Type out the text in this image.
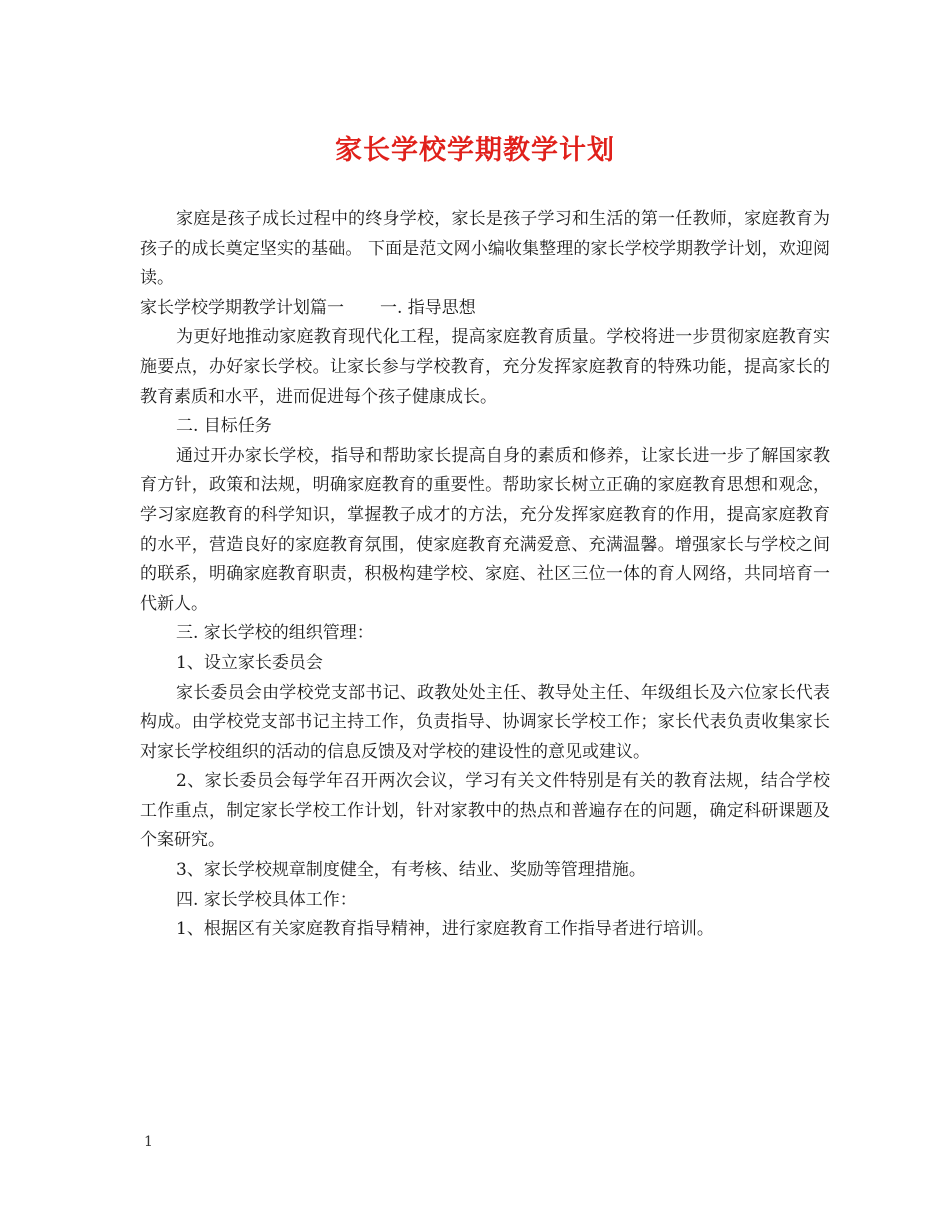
家长学校学期教学计划

家庭是孩子成长过程中的终身学校，家长是孩子学习和生活的第一任教师，家庭教育为孩子的成长奠定坚实的基础。 下面是范文网小编收集整理的家长学校学期教学计划，欢迎阅读。

家长学校学期教学计划篇一 一. 指导思想

为更好地推动家庭教育现代化工程，提高家庭教育质量。学校将进一步贯彻家庭教育实施要点，办好家长学校。让家长参与学校教育，充分发挥家庭教育的特殊功能，提高家长的教育素质和水平，进而促进每个孩子健康成长。

二. 目标任务

通过开办家长学校，指导和帮助家长提高自身的素质和修养，让家长进一步了解国家教育方针，政策和法规，明确家庭教育的重要性。帮助家长树立正确的家庭教育思想和观念，学习家庭教育的科学知识，掌握教子成才的方法，充分发挥家庭教育的作用，提高家庭教育的水平，营造良好的家庭教育氛围，使家庭教育充满爱意、充满温馨。增强家长与学校之间的联系，明确家庭教育职责，积极构建学校、家庭、社区三位一体的育人网络，共同培育一代新人。

三. 家长学校的组织管理：

1、设立家长委员会

家长委员会由学校党支部书记、政教处处主任、教导处主任、年级组长及六位家长代表构成。由学校党支部书记主持工作，负责指导、协调家长学校工作；家长代表负责收集家长对家长学校组织的活动的信息反馈及对学校的建设性的意见或建议。

2、家长委员会每学年召开两次会议，学习有关文件特别是有关的教育法规，结合学校工作重点，制定家长学校工作计划，针对家教中的热点和普遍存在的问题，确定科研课题及个案研究。

3、家长学校规章制度健全，有考核、结业、奖励等管理措施。

四. 家长学校具体工作：

1、根据区有关家庭教育指导精神，进行家庭教育工作指导者进行培训。

1
